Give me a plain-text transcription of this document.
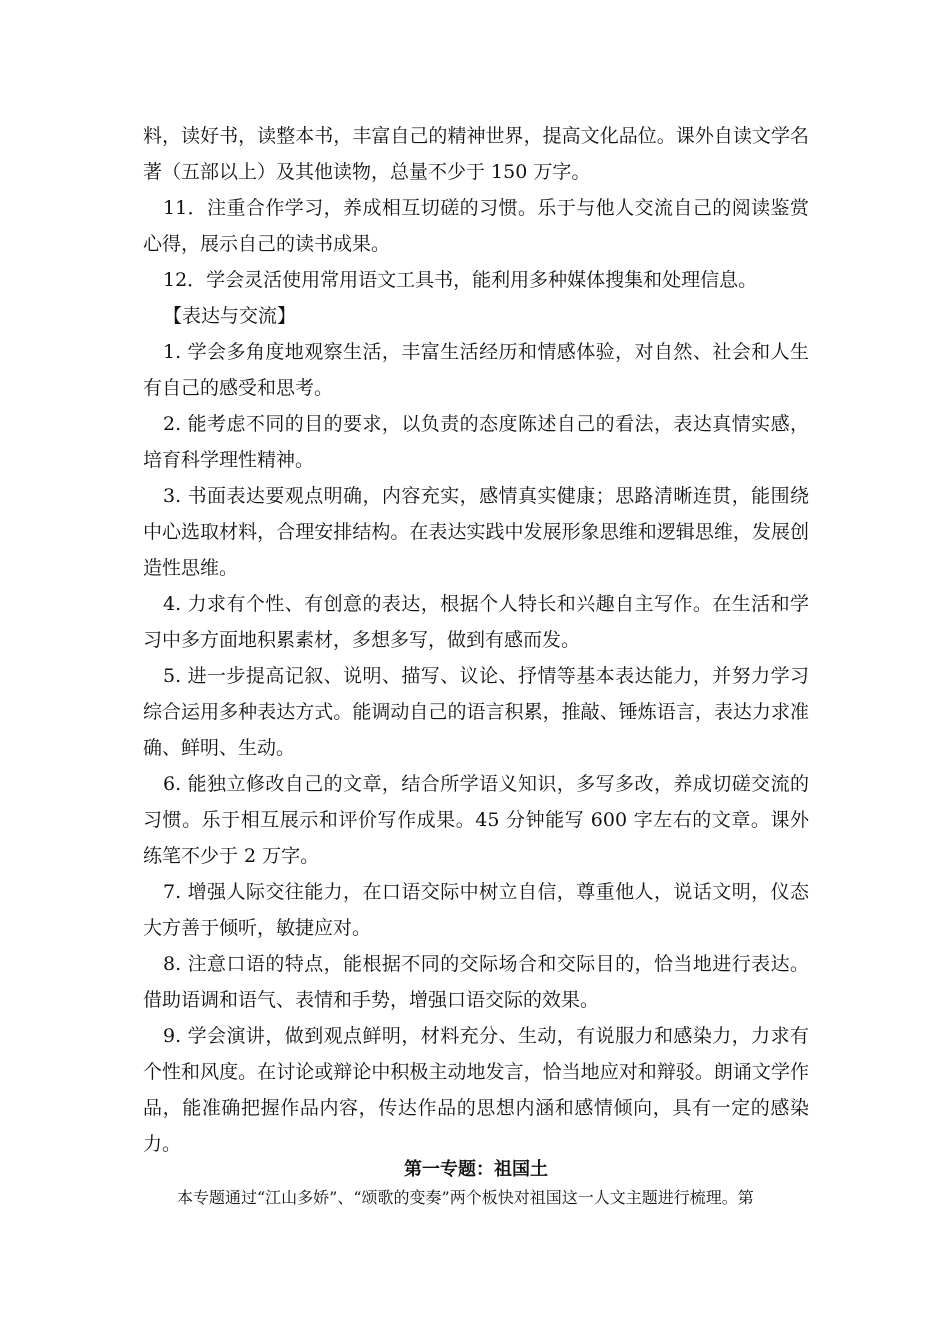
料，读好书，读整本书，丰富自己的精神世界，提高文化品位。课外自读文学名著（五部以上）及其他读物，总量不少于 150 万字。

11．注重合作学习，养成相互切磋的习惯。乐于与他人交流自己的阅读鉴赏心得，展示自己的读书成果。

12．学会灵活使用常用语文工具书，能利用多种媒体搜集和处理信息。

【表达与交流】

1. 学会多角度地观察生活，丰富生活经历和情感体验，对自然、社会和人生有自己的感受和思考。

2. 能考虑不同的目的要求，以负责的态度陈述自己的看法，表达真情实感，培育科学理性精神。

3. 书面表达要观点明确，内容充实，感情真实健康；思路清晰连贯，能围绕中心选取材料，合理安排结构。在表达实践中发展形象思维和逻辑思维，发展创造性思维。

4. 力求有个性、有创意的表达，根据个人特长和兴趣自主写作。在生活和学习中多方面地积累素材，多想多写，做到有感而发。

5. 进一步提高记叙、说明、描写、议论、抒情等基本表达能力，并努力学习综合运用多种表达方式。能调动自己的语言积累，推敲、锤炼语言，表达力求准确、鲜明、生动。

6. 能独立修改自己的文章，结合所学语义知识，多写多改，养成切磋交流的习惯。乐于相互展示和评价写作成果。45 分钟能写 600 字左右的文章。课外练笔不少于 2 万字。

7. 增强人际交往能力，在口语交际中树立自信，尊重他人，说话文明，仪态大方善于倾听，敏捷应对。

8. 注意口语的特点，能根据不同的交际场合和交际目的，恰当地进行表达。借助语调和语气、表情和手势，增强口语交际的效果。

9. 学会演讲，做到观点鲜明，材料充分、生动，有说服力和感染力，力求有个性和风度。在讨论或辩论中积极主动地发言，恰当地应对和辩驳。朗诵文学作品，能准确把握作品内容，传达作品的思想内涵和感情倾向，具有一定的感染力。

第一专题：祖国土
本专题通过“江山多娇”、“颂歌的变奏”两个板快对祖国这一人文主题进行梳理。第
